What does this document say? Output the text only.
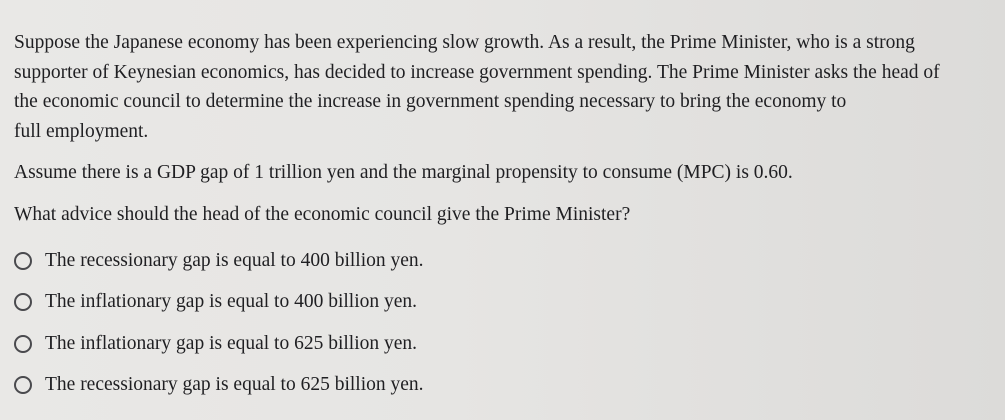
Suppose the Japanese economy has been experiencing slow growth. As a result, the Prime Minister, who is a strong
supporter of Keynesian economics, has decided to increase government spending. The Prime Minister asks the head of
the economic council to determine the increase in government spending necessary to bring the economy to
full employment.
Assume there is a GDP gap of 1 trillion yen and the marginal propensity to consume (MPC) is 0.60.
What advice should the head of the economic council give the Prime Minister?
The recessionary gap is equal to 400 billion yen.
The inflationary gap is equal to 400 billion yen.
The inflationary gap is equal to 625 billion yen.
The recessionary gap is equal to 625 billion yen.
